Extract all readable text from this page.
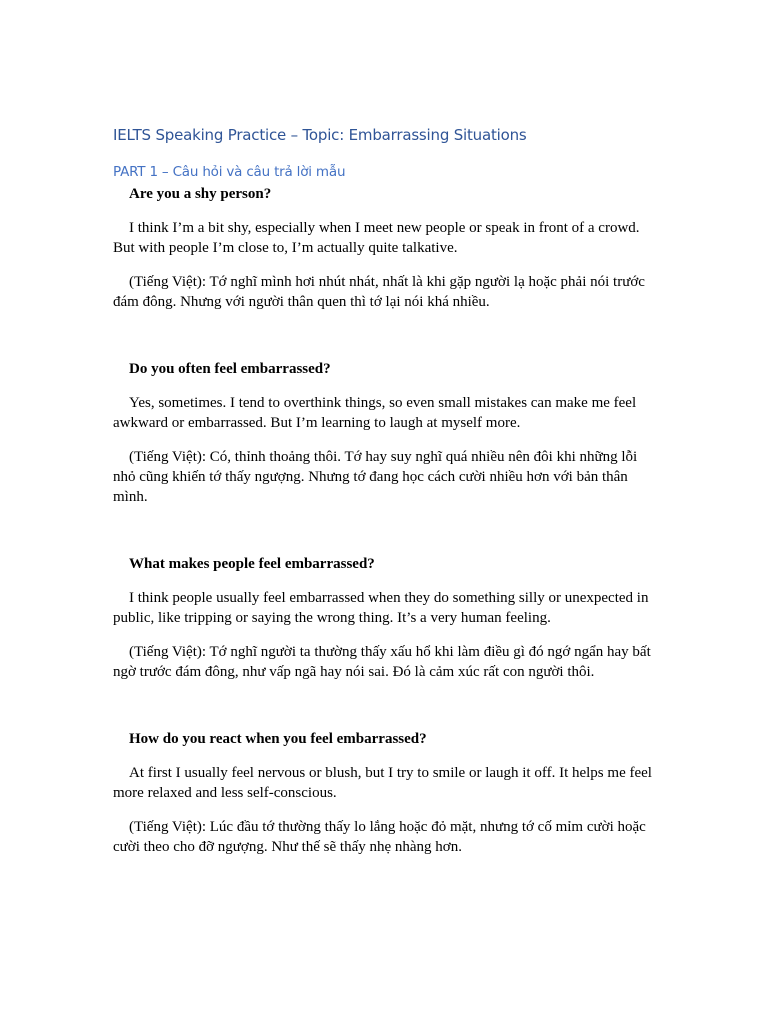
IELTS Speaking Practice – Topic: Embarrassing Situations
PART 1 – Câu hỏi và câu trả lời mẫu

Are you a shy person?

I think I’m a bit shy, especially when I meet new people or speak in front of a crowd. But with people I’m close to, I’m actually quite talkative.

(Tiếng Việt): Tớ nghĩ mình hơi nhút nhát, nhất là khi gặp người lạ hoặc phải nói trước đám đông. Nhưng với người thân quen thì tớ lại nói khá nhiều.

Do you often feel embarrassed?

Yes, sometimes. I tend to overthink things, so even small mistakes can make me feel awkward or embarrassed. But I’m learning to laugh at myself more.

(Tiếng Việt): Có, thỉnh thoảng thôi. Tớ hay suy nghĩ quá nhiều nên đôi khi những lỗi nhỏ cũng khiến tớ thấy ngượng. Nhưng tớ đang học cách cười nhiều hơn với bản thân mình.

What makes people feel embarrassed?

I think people usually feel embarrassed when they do something silly or unexpected in public, like tripping or saying the wrong thing. It’s a very human feeling.

(Tiếng Việt): Tớ nghĩ người ta thường thấy xấu hổ khi làm điều gì đó ngớ ngẩn hay bất ngờ trước đám đông, như vấp ngã hay nói sai. Đó là cảm xúc rất con người thôi.

How do you react when you feel embarrassed?

At first I usually feel nervous or blush, but I try to smile or laugh it off. It helps me feel more relaxed and less self-conscious.

(Tiếng Việt): Lúc đầu tớ thường thấy lo lắng hoặc đỏ mặt, nhưng tớ cố mỉm cười hoặc cười theo cho đỡ ngượng. Như thế sẽ thấy nhẹ nhàng hơn.
